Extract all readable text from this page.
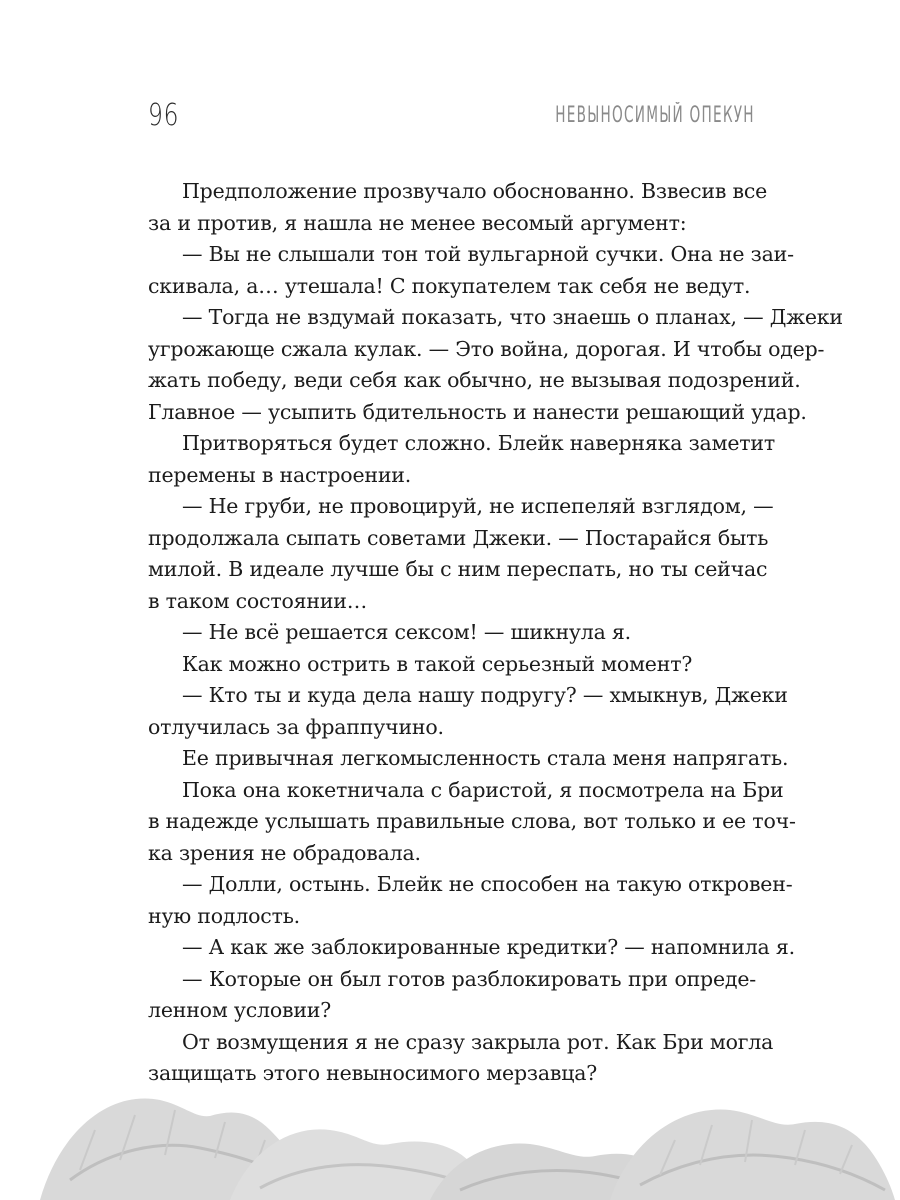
96	НЕВЫНОСИМЫЙ ОПЕКУН
Предположение прозвучало обоснованно. Взвесив все
за и против, я нашла не менее весомый аргумент:
— Вы не слышали тон той вульгарной сучки. Она не заи-
скивала, а… утешала! С покупателем так себя не ведут.
— Тогда не вздумай показать, что знаешь о планах, — Джеки
угрожающе сжала кулак. — Это война, дорогая. И чтобы одер-
жать победу, веди себя как обычно, не вызывая подозрений.
Главное — усыпить бдительность и нанести решающий удар.
Притворяться будет сложно. Блейк наверняка заметит
перемены в настроении.
— Не груби, не провоцируй, не испепеляй взглядом, —
продолжала сыпать советами Джеки. — Постарайся быть
милой. В идеале лучше бы с ним переспать, но ты сейчас
в таком состоянии…
— Не всё решается сексом! — шикнула я.
Как можно острить в такой серьезный момент?
— Кто ты и куда дела нашу подругу? — хмыкнув, Джеки
отлучилась за фраппучино.
Ее привычная легкомысленность стала меня напрягать.
Пока она кокетничала с баристой, я посмотрела на Бри
в надежде услышать правильные слова, вот только и ее точ-
ка зрения не обрадовала.
— Долли, остынь. Блейк не способен на такую откровен-
ную подлость.
— А как же заблокированные кредитки? — напомнила я.
— Которые он был готов разблокировать при опреде-
ленном условии?
От возмущения я не сразу закрыла рот. Как Бри могла
защищать этого невыносимого мерзавца?
